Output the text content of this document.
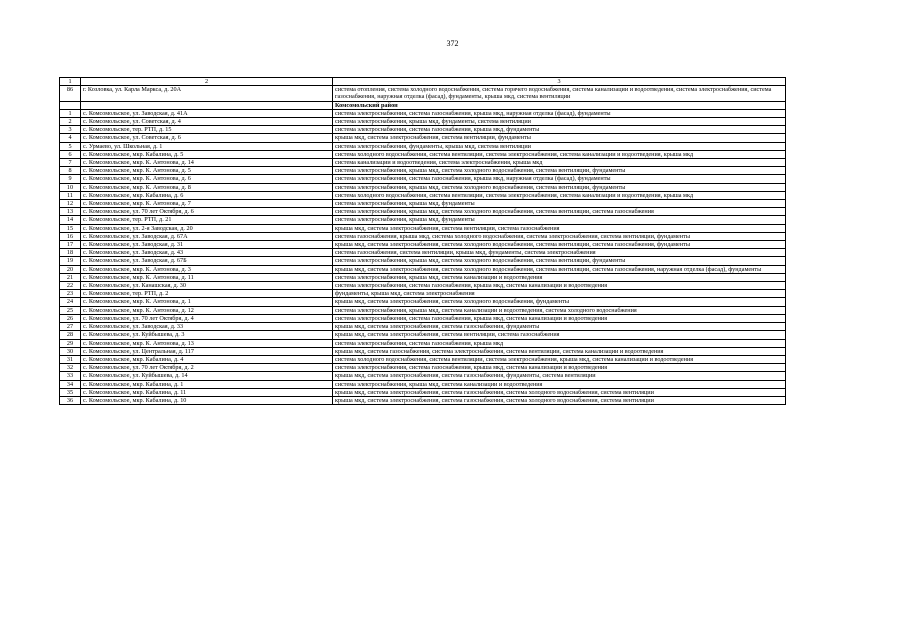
372
1	2	3
86	г. Козловка, ул. Карла Маркса, д. 20А	система отопления, система холодного водоснабжения, система горячего водоснабжения, система канализации и водоотведения, система электроснабжения, система газоснабжения, наружная отделка (фасад), фундаменты, крыша мкд, система вентиляции
		Комсомольский район
1	с. Комсомольское, ул. Заводская, д. 41А	система электроснабжения, система газоснабжения, крыша мкд, наружная отделка (фасад), фундаменты
2	с. Комсомольское, ул. Советская, д. 4	система электроснабжения, крыша мкд, фундаменты, система вентиляции
3	с. Комсомольское, тер. РТП, д. 15	система электроснабжения, система газоснабжения, крыша мкд, фундаменты
4	с. Комсомольское, ул. Советская, д. 6	крыша мкд, система электроснабжения, система вентиляции, фундаменты
5	с. Урмаево, ул. Школьная, д. 1	система электроснабжения, фундаменты, крыша мкд, система вентиляции
6	с. Комсомольское, мкр. Кабалина, д. 5	система холодного водоснабжения, система вентиляции, система электроснабжения, система канализации и водоотведения, крыша мкд
7	с. Комсомольское, мкр. К. Антонова, д. 14	система канализации и водоотведения, система электроснабжения, крыша мкд
8	с. Комсомольское, мкр. К. Антонова, д. 5	система электроснабжения, крыша мкд, система холодного водоснабжения, система вентиляции, фундаменты
9	с. Комсомольское, мкр. К. Антонова, д. 6	система электроснабжения, система газоснабжения, крыша мкд, наружная отделка (фасад), фундаменты
10	с. Комсомольское, мкр. К. Антонова, д. 8	система электроснабжения, крыша мкд, система холодного водоснабжения, система вентиляции, фундаменты
11	с. Комсомольское, мкр. Кабалина, д. 6	система холодного водоснабжения, система вентиляции, система электроснабжения, система канализации и водоотведения, крыша мкд
12	с. Комсомольское, мкр. К. Антонова, д. 7	система электроснабжения, крыша мкд, фундаменты
13	с. Комсомольское, ул. 70 лет Октября, д. 6	система электроснабжения, крыша мкд, система холодного водоснабжения, система вентиляции, система газоснабжения
14	с. Комсомольское, тер. РТП, д. 21	система электроснабжения, крыша мкд, фундаменты
15	с. Комсомольское, ул. 2-я Заводская, д. 20	крыша мкд, система электроснабжения, система вентиляции, система газоснабжения
16	с. Комсомольское, ул. Заводская, д. 67А	система газоснабжения, крыша мкд, система холодного водоснабжения, система электроснабжения, система вентиляции, фундаменты
17	с. Комсомольское, ул. Заводская, д. 31	крыша мкд, система электроснабжения, система холодного водоснабжения, система вентиляции, система газоснабжения, фундаменты
18	с. Комсомольское, ул. Заводская, д. 43	система газоснабжения, система вентиляции, крыша мкд, фундаменты, система электроснабжения
19	с. Комсомольское, ул. Заводская, д. 67Б	система электроснабжения, крыша мкд, система холодного водоснабжения, система вентиляции, фундаменты
20	с. Комсомольское, мкр. К. Антонова, д. 3	крыша мкд, система электроснабжения, система холодного водоснабжения, система вентиляции, система газоснабжения, наружная отделка (фасад), фундаменты
21	с. Комсомольское, мкр. К. Антонова, д. 11	система электроснабжения, крыша мкд, система канализации и водоотведения
22	с. Комсомольское, ул. Канашская, д. 30	система электроснабжения, система газоснабжения, крыша мкд, система канализации и водоотведения
23	с. Комсомольское, тер. РТП, д. 2	фундаменты, крыша мкд, система электроснабжения
24	с. Комсомольское, мкр. К. Антонова, д. 1	крыша мкд, система электроснабжения, система холодного водоснабжения, фундаменты
25	с. Комсомольское, мкр. К. Антонова, д. 12	система электроснабжения, крыша мкд, система канализации и водоотведения, система холодного водоснабжения
26	с. Комсомольское, ул. 70 лет Октября, д. 4	система электроснабжения, система газоснабжения, крыша мкд, система канализации и водоотведения
27	с. Комсомольское, ул. Заводская, д. 33	крыша мкд, система электроснабжения, система газоснабжения, фундаменты
28	с. Комсомольское, ул. Куйбышева, д. 3	крыша мкд, система электроснабжения, система вентиляции, система газоснабжения
29	с. Комсомольское, мкр. К. Антонова, д. 13	система электроснабжения, система газоснабжения, крыша мкд
30	с. Комсомольское, ул. Центральная, д. 117	крыша мкд, система газоснабжения, система электроснабжения, система вентиляции, система канализации и водоотведения
31	с. Комсомольское, мкр. Кабалина, д. 4	система холодного водоснабжения, система вентиляции, система электроснабжения, крыша мкд, система канализации и водоотведения
32	с. Комсомольское, ул. 70 лет Октября, д. 2	система электроснабжения, система газоснабжения, крыша мкд, система канализации и водоотведения
33	с. Комсомольское, ул. Куйбышева, д. 14	крыша мкд, система электроснабжения, система газоснабжения, фундаменты, система вентиляции
34	с. Комсомольское, мкр. Кабалина, д. 1	система электроснабжения, крыша мкд, система канализации и водоотведения
35	с. Комсомольское, мкр. Кабалина, д. 11	крыша мкд, система электроснабжения, система газоснабжения, система холодного водоснабжения, система вентиляции
36	с. Комсомольское, мкр. Кабалина, д. 10	крыша мкд, система электроснабжения, система газоснабжения, система холодного водоснабжения, система вентиляции
